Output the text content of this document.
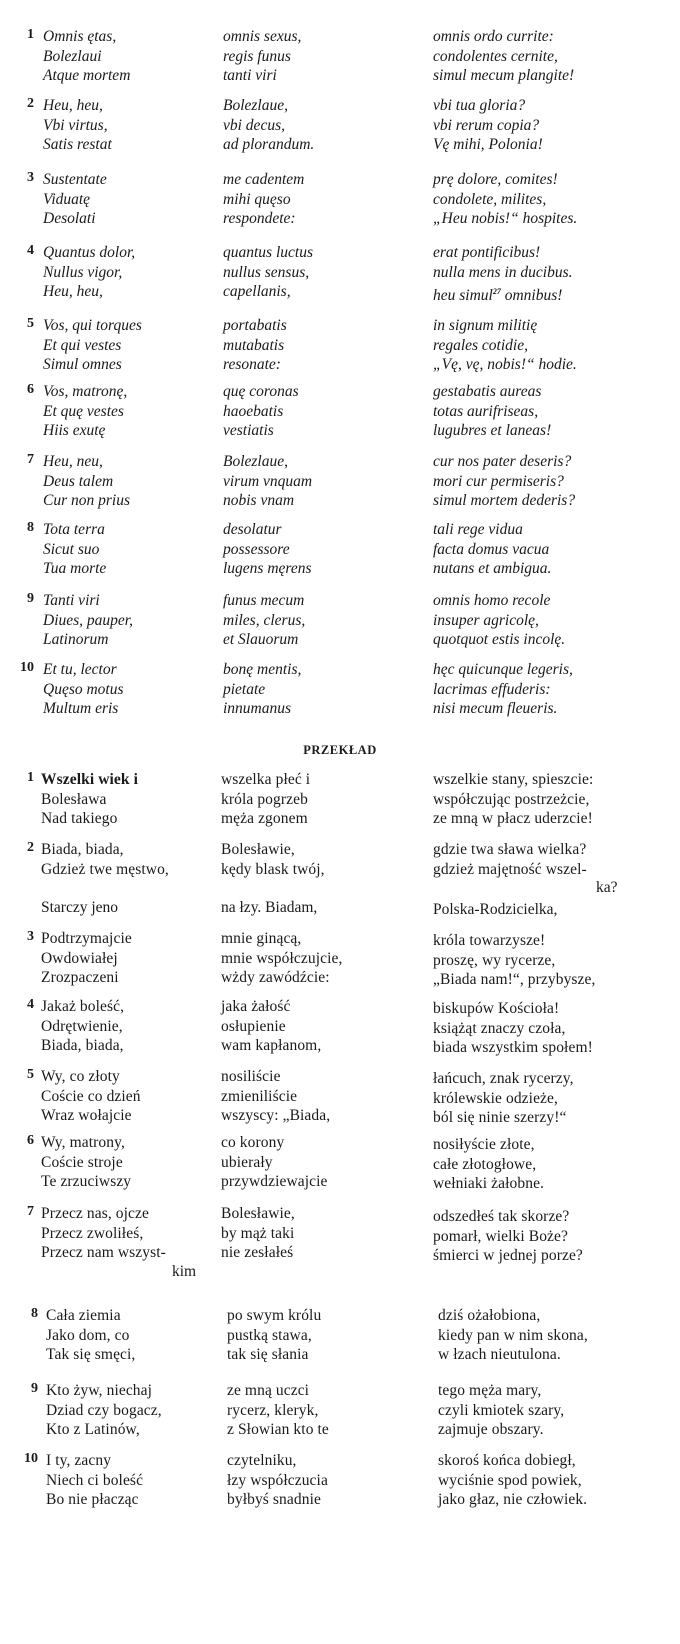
1 Omnis ętas,
Bolezlaui
Atque mortem
omnis sexus,
regis funus
tanti viri
omnis ordo currite:
condolentes cernite,
simul mecum plangite!
2 Heu, heu,
Vbi virtus,
Satis restat
Bolezlaue,
vbi decus,
ad plorandum.
vbi tua gloria?
vbi rerum copia?
Vę mihi, Polonia!
3 Sustentate
Viduatę
Desolati
me cadentem
mihi quęso
respondete:
prę dolore, comites!
condolete, milites,
„Heu nobis!“ hospites.
4 Quantus dolor,
Nullus vigor,
Heu, heu,
quantus luctus
nullus sensus,
capellanis,
erat pontificibus!
nulla mens in ducibus.
heu simul$^{27}$ omnibus!
5 Vos, qui torques
Et qui vestes
Simul omnes
portabatis
mutabatis
resonate:
in signum militię
regales cotidie,
„Vę, vę, nobis!“ hodie.
6 Vos, matronę,
Et quę vestes
Hiis exutę
quę coronas
haoebatis
vestiatis
gestabatis aureas
totas aurifriseas,
lugubres et laneas!
7 Heu, neu,
Deus talem
Cur non prius
Bolezlaue,
virum vnquam
nobis vnam
cur nos pater deseris?
mori cur permiseris?
simul mortem dederis?
8 Tota terra
Sicut suo
Tua morte
desolatur
possessore
lugens męrens
tali rege vidua
facta domus vacua
nutans et ambigua.
9 Tanti viri
Diues, pauper,
Latinorum
funus mecum
miles, clerus,
et Slauorum
omnis homo recole
insuper agricolę,
quotquot estis incolę.
10 Et tu, lector
Quęso motus
Multum eris
bonę mentis,
pietate
innumanus
hęc quicunque legeris,
lacrimas effuderis:
nisi mecum fleueris.
PRZEKŁAD
1 Wszelki wiek i
Bolesława
Nad takiego
wszelka płeć i
króla pogrzeb
męża zgonem
wszelkie stany, spieszcie:
współczując postrzeżcie,
ze mną w płacz uderzcie!
2 Biada, biada,
Gdzież twe męstwo,
Bolesławie,
kędy blask twój,
gdzie twa sława wielka?
gdzież majętność wszel-
ka?
Starczy jeno	na łzy. Biadam,	Polska-Rodzicielka,
3 Podtrzymajcie
Owdowiałej
Zrozpaczeni
mnie ginącą,
mnie współczujcie,
wżdy zawódźcie:
króla towarzysze!
proszę, wy rycerze,
„Biada nam!“, przybysze,
4 Jakaż boleść,
Odrętwienie,
Biada, biada,
jaka żałość
osłupienie
wam kapłanom,
biskupów Kościoła!
książąt znaczy czoła,
biada wszystkim społem!
5 Wy, co złoty
Coście co dzień
Wraz wołajcie
nosiliście
zmieniliście
wszyscy: „Biada,
łańcuch, znak rycerzy,
królewskie odzieże,
ból się ninie szerzy!“
6 Wy, matrony,
Coście stroje
Te zrzuciwszy
co korony
ubierały
przywdziewajcie
nosiłyście złote,
całe złotogłowe,
wełniaki żałobne.
7 Przecz nas, ojcze
Przecz zwoliłeś,
Przecz nam wszyst-
kim
Bolesławie,
by mąż taki
nie zesłałeś
odszedłeś tak skorze?
pomarł, wielki Boże?
śmierci w jednej porze?
8 Cała ziemia
Jako dom, co
Tak się smęci,
po swym królu
pustką stawa,
tak się słania
dziś ożałobiona,
kiedy pan w nim skona,
w łzach nieutulona.
9 Kto żyw, niechaj
Dziad czy bogacz,
Kto z Latinów,
ze mną uczci
rycerz, kleryk,
z Słowian kto te
tego męża mary,
czyli kmiotek szary,
zajmuje obszary.
10 I ty, zacny
Niech ci boleść
Bo nie płacząc
czytelniku,
łzy współczucia
byłbyś snadnie
skoroś końca dobiegł,
wyciśnie spod powiek,
jako głaz, nie człowiek.
